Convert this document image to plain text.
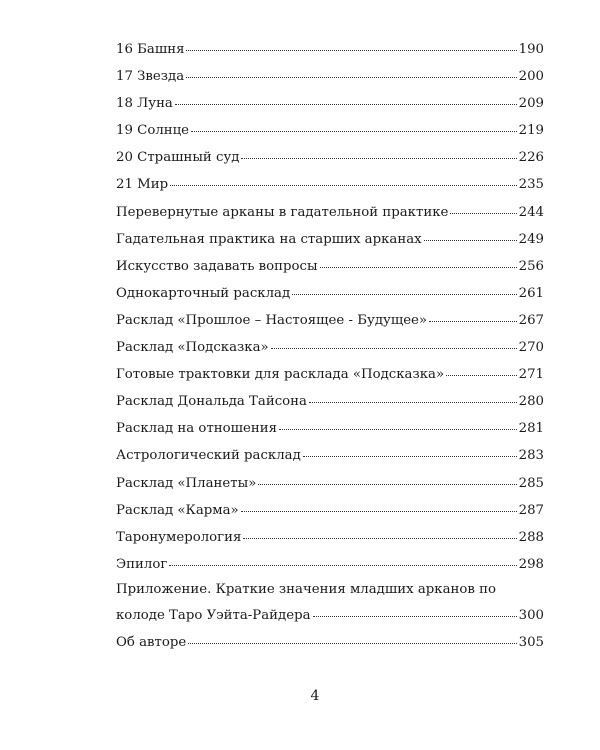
16 Башня	190
17 Звезда	200
18 Луна	209
19 Солнце	219
20 Страшный суд	226
21 Мир	235
Перевернутые арканы в гадательной практике	244
Гадательная практика на старших арканах	249
Искусство задавать вопросы	256
Однокарточный расклад	261
Расклад «Прошлое – Настоящее - Будущее»	267
Расклад «Подсказка»	270
Готовые трактовки для расклада «Подсказка»	271
Расклад Дональда Тайсона	280
Расклад на отношения	281
Астрологический расклад	283
Расклад «Планеты»	285
Расклад «Карма»	287
Таронумерология	288
Эпилог	298
Приложение. Краткие значения младших арканов по
колоде Таро Уэйта-Райдера	300
Об авторе	305
4
